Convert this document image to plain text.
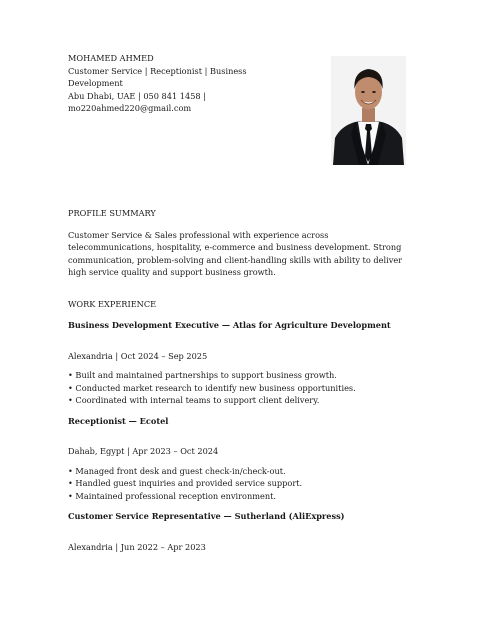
MOHAMED AHMED
Customer Service | Receptionist | Business
Development
Abu Dhabi, UAE | 050 841 1458 |
mo220ahmed220@gmail.com
PROFILE SUMMARY
Customer Service & Sales professional with experience across telecommunications, hospitality, e-commerce and business development. Strong communication, problem-solving and client-handling skills with ability to deliver high service quality and support business growth.
WORK EXPERIENCE
Business Development Executive — Atlas for Agriculture Development
Alexandria | Oct 2024 – Sep 2025
• Built and maintained partnerships to support business growth.
• Conducted market research to identify new business opportunities.
• Coordinated with internal teams to support client delivery.
Receptionist — Ecotel
Dahab, Egypt | Apr 2023 – Oct 2024
• Managed front desk and guest check-in/check-out.
• Handled guest inquiries and provided service support.
• Maintained professional reception environment.
Customer Service Representative — Sutherland (AliExpress)
Alexandria | Jun 2022 – Apr 2023
